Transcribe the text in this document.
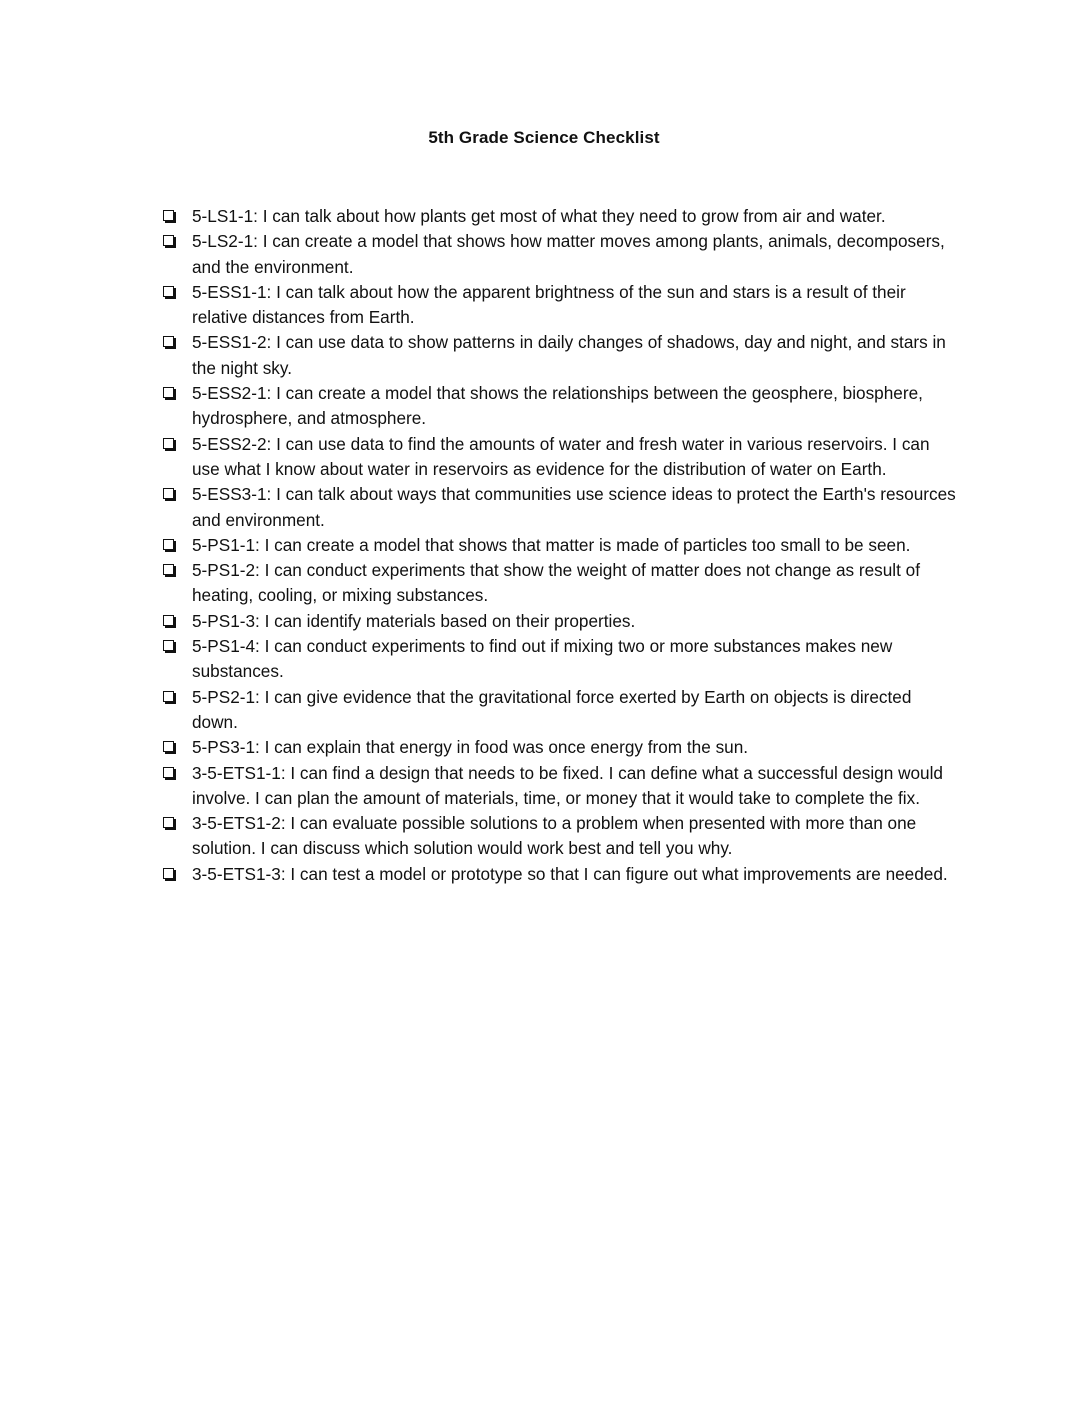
5th Grade Science Checklist
5-LS1-1: I can talk about how plants get most of what they need to grow from air and water.
5-LS2-1: I can create a model that shows how matter moves among plants, animals, decomposers, and the environment.
5-ESS1-1: I can talk about how the apparent brightness of the sun and stars is a result of their relative distances from Earth.
5-ESS1-2: I can use data to show patterns in daily changes of shadows, day and night, and stars in the night sky.
5-ESS2-1: I can create a model that shows the relationships between the geosphere, biosphere, hydrosphere, and atmosphere.
5-ESS2-2: I can use data to find the amounts of water and fresh water in various reservoirs. I can use what I know about water in reservoirs as evidence for the distribution of water on Earth.
5-ESS3-1: I can talk about ways that communities use science ideas to protect the Earth's resources and environment.
5-PS1-1: I can create a model that shows that matter is made of particles too small to be seen.
5-PS1-2: I can conduct experiments that show the weight of matter does not change as result of heating, cooling, or mixing substances.
5-PS1-3: I can identify materials based on their properties.
5-PS1-4: I can conduct experiments to find out if mixing two or more substances makes new substances.
5-PS2-1: I can give evidence that the gravitational force exerted by Earth on objects is directed down.
5-PS3-1: I can explain that energy in food was once energy from the sun.
3-5-ETS1-1: I can find a design that needs to be fixed. I can define what a successful design would involve. I can plan the amount of materials, time, or money that it would take to complete the fix.
3-5-ETS1-2: I can evaluate possible solutions to a problem when presented with more than one solution. I can discuss which solution would work best and tell you why.
3-5-ETS1-3: I can test a model or prototype so that I can figure out what improvements are needed.
